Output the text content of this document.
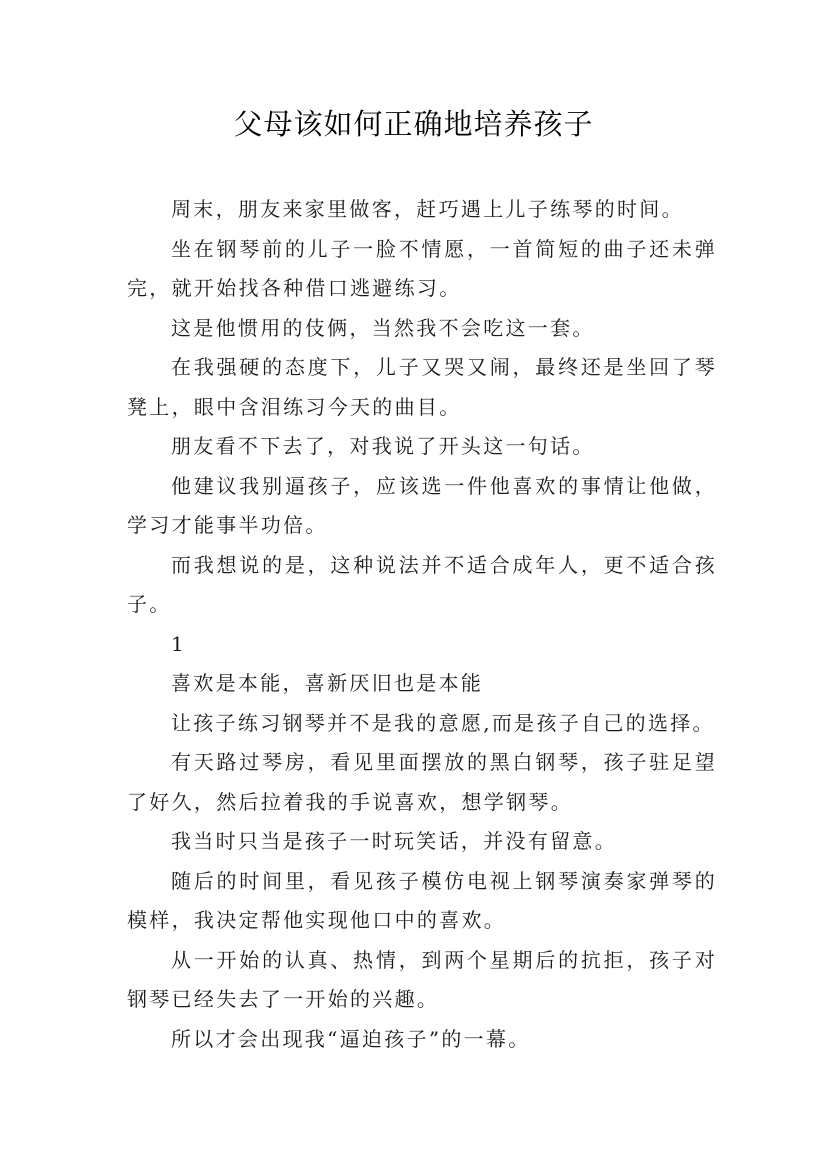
父母该如何正确地培养孩子

周末，朋友来家里做客，赶巧遇上儿子练琴的时间。

坐在钢琴前的儿子一脸不情愿，一首简短的曲子还未弹完，就开始找各种借口逃避练习。

这是他惯用的伎俩，当然我不会吃这一套。

在我强硬的态度下，儿子又哭又闹，最终还是坐回了琴凳上，眼中含泪练习今天的曲目。

朋友看不下去了，对我说了开头这一句话。

他建议我别逼孩子，应该选一件他喜欢的事情让他做，学习才能事半功倍。

而我想说的是，这种说法并不适合成年人，更不适合孩子。

1

喜欢是本能，喜新厌旧也是本能

让孩子练习钢琴并不是我的意愿,而是孩子自己的选择。

有天路过琴房，看见里面摆放的黑白钢琴，孩子驻足望了好久，然后拉着我的手说喜欢，想学钢琴。

我当时只当是孩子一时玩笑话，并没有留意。

随后的时间里，看见孩子模仿电视上钢琴演奏家弹琴的模样，我决定帮他实现他口中的喜欢。

从一开始的认真、热情，到两个星期后的抗拒，孩子对钢琴已经失去了一开始的兴趣。

所以才会出现我“逼迫孩子”的一幕。
